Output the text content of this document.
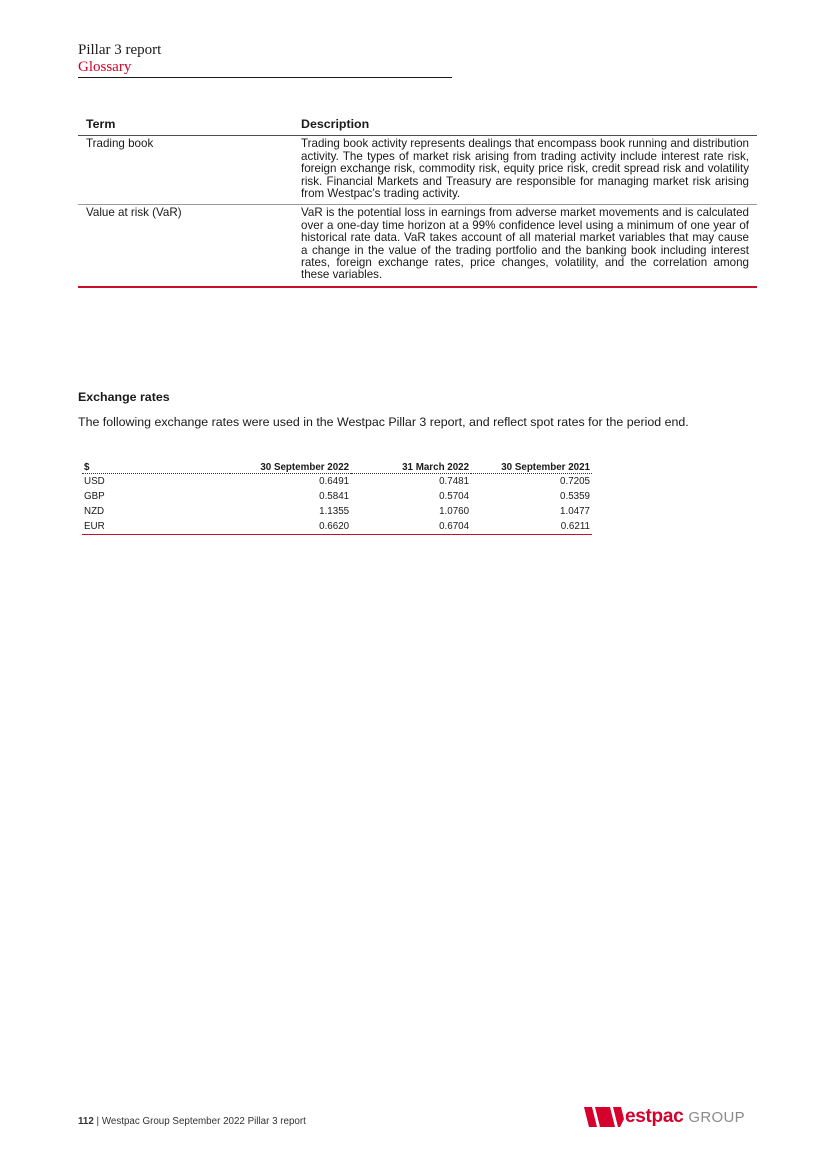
Pillar 3 report
Glossary
Term	Description
Trading book	Trading book activity represents dealings that encompass book running and distribution activity. The types of market risk arising from trading activity include interest rate risk, foreign exchange risk, commodity risk, equity price risk, credit spread risk and volatility risk. Financial Markets and Treasury are responsible for managing market risk arising from Westpac’s trading activity.
Value at risk (VaR)	VaR is the potential loss in earnings from adverse market movements and is calculated over a one-day time horizon at a 99% confidence level using a minimum of one year of historical rate data. VaR takes account of all material market variables that may cause a change in the value of the trading portfolio and the banking book including interest rates, foreign exchange rates, price changes, volatility, and the correlation among these variables.
Exchange rates
The following exchange rates were used in the Westpac Pillar 3 report, and reflect spot rates for the period end.
$	30 September 2022	31 March 2022	30 September 2021
USD	0.6491	0.7481	0.7205
GBP	0.5841	0.5704	0.5359
NZD	1.1355	1.0760	1.0477
EUR	0.6620	0.6704	0.6211
112 | Westpac Group September 2022 Pillar 3 report	estpac GROUP
